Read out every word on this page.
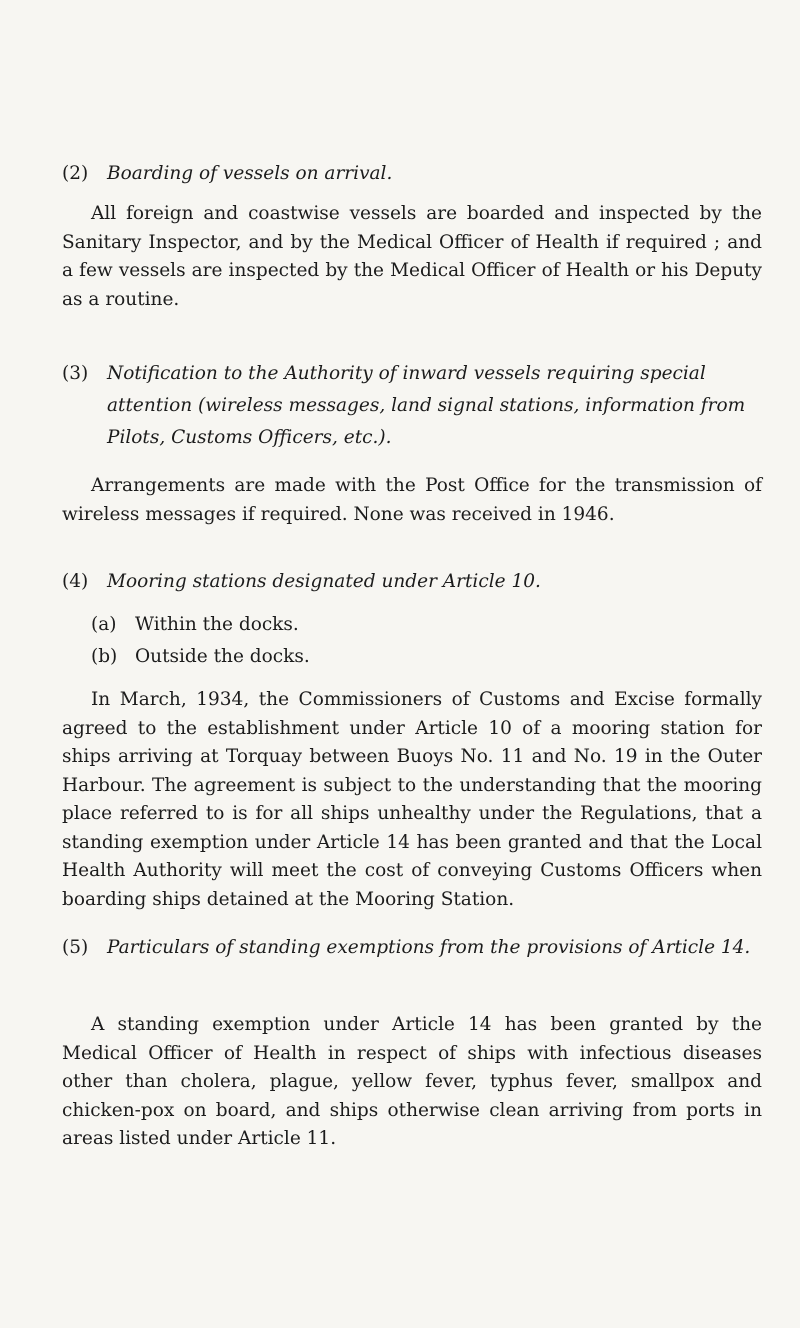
(2) Boarding of vessels on arrival.

All foreign and coastwise vessels are boarded and inspected by the Sanitary Inspector, and by the Medical Officer of Health if required ; and a few vessels are inspected by the Medical Officer of Health or his Deputy as a routine.

(3) Notification to the Authority of inward vessels requiring special attention (wireless messages, land signal stations, information from Pilots, Customs Officers, etc.).

Arrangements are made with the Post Office for the transmission of wireless messages if required. None was received in 1946.

(4) Mooring stations designated under Article 10.
(a) Within the docks.
(b) Outside the docks.

In March, 1934, the Commissioners of Customs and Excise formally agreed to the establishment under Article 10 of a mooring station for ships arriving at Torquay between Buoys No. 11 and No. 19 in the Outer Harbour. The agreement is subject to the understanding that the mooring place referred to is for all ships unhealthy under the Regulations, that a standing exemption under Article 14 has been granted and that the Local Health Authority will meet the cost of conveying Customs Officers when boarding ships detained at the Mooring Station.

(5) Particulars of standing exemptions from the provisions of Article 14.

A standing exemption under Article 14 has been granted by the Medical Officer of Health in respect of ships with infectious diseases other than cholera, plague, yellow fever, typhus fever, smallpox and chicken-pox on board, and ships otherwise clean arriving from ports in areas listed under Article 11.
